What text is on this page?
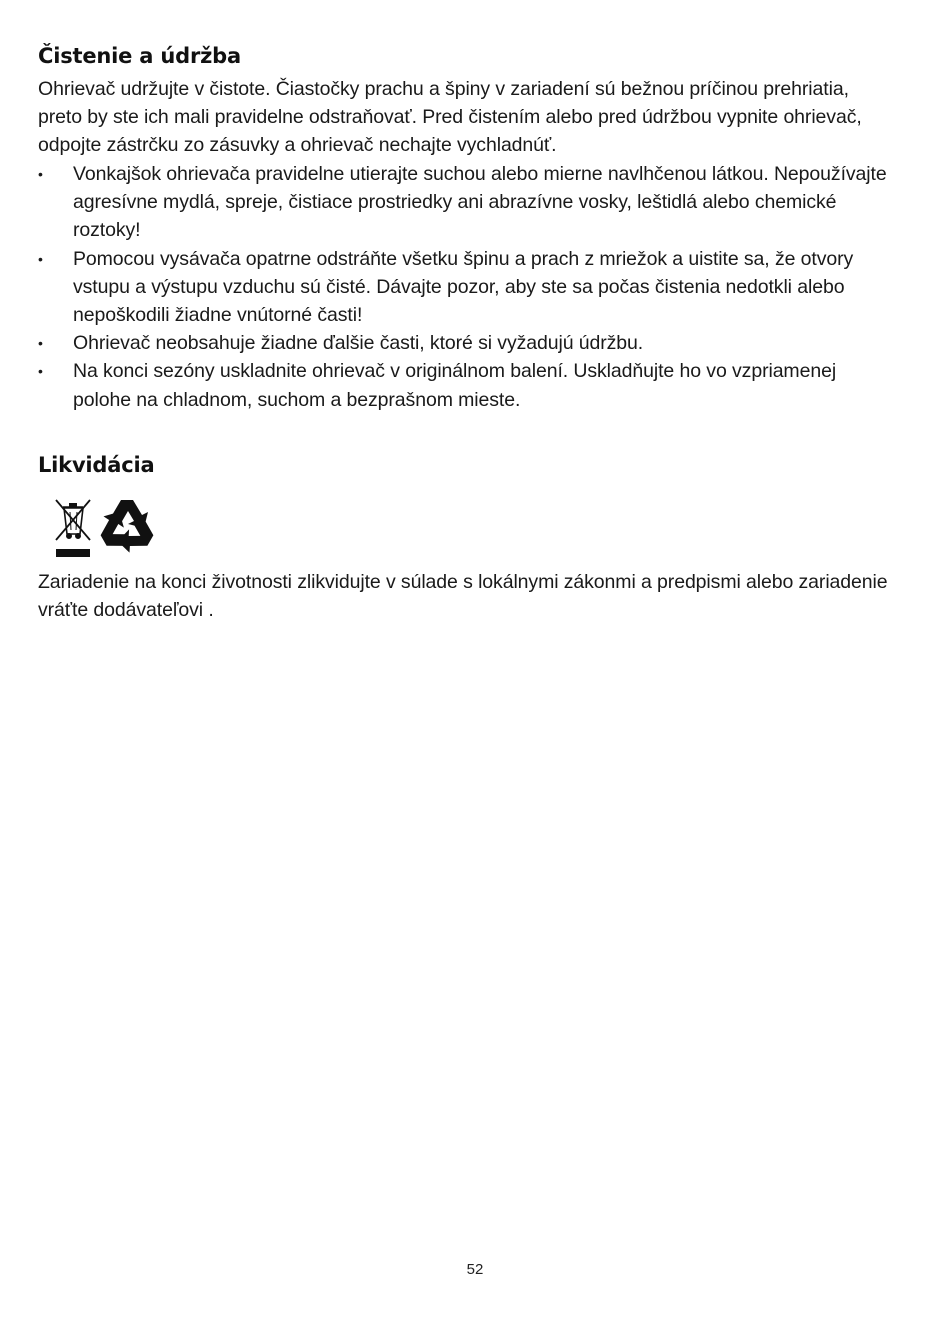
Čistenie a údržba

Ohrievač udržujte v čistote. Čiastočky prachu a špiny v zariadení sú bežnou príčinou prehriatia, preto by ste ich mali pravidelne odstraňovať. Pred čistením alebo pred údržbou vypnite ohrievač, odpojte zástrčku zo zásuvky a ohrievač nechajte vychladnúť.

•	Vonkajšok ohrievača pravidelne utierajte suchou alebo mierne navlhčenou látkou. Nepoužívajte agresívne mydlá, spreje, čistiace prostriedky ani abrazívne vosky, leštidlá alebo chemické roztoky!
•	Pomocou vysávača opatrne odstráňte všetku špinu a prach z mriežok a uistite sa, že otvory vstupu a výstupu vzduchu sú čisté. Dávajte pozor, aby ste sa počas čistenia nedotkli alebo nepoškodili žiadne vnútorné časti!
•	Ohrievač neobsahuje žiadne ďalšie časti, ktoré si vyžadujú údržbu.
•	Na konci sezóny uskladnite ohrievač v originálnom balení. Uskladňujte ho vo vzpriamenej polohe na chladnom, suchom a bezprašnom mieste.
Likvidácia

Zariadenie na konci životnosti zlikvidujte v súlade s lokálnymi zákonmi a predpismi alebo zariadenie vráťte dodávateľovi .

52
